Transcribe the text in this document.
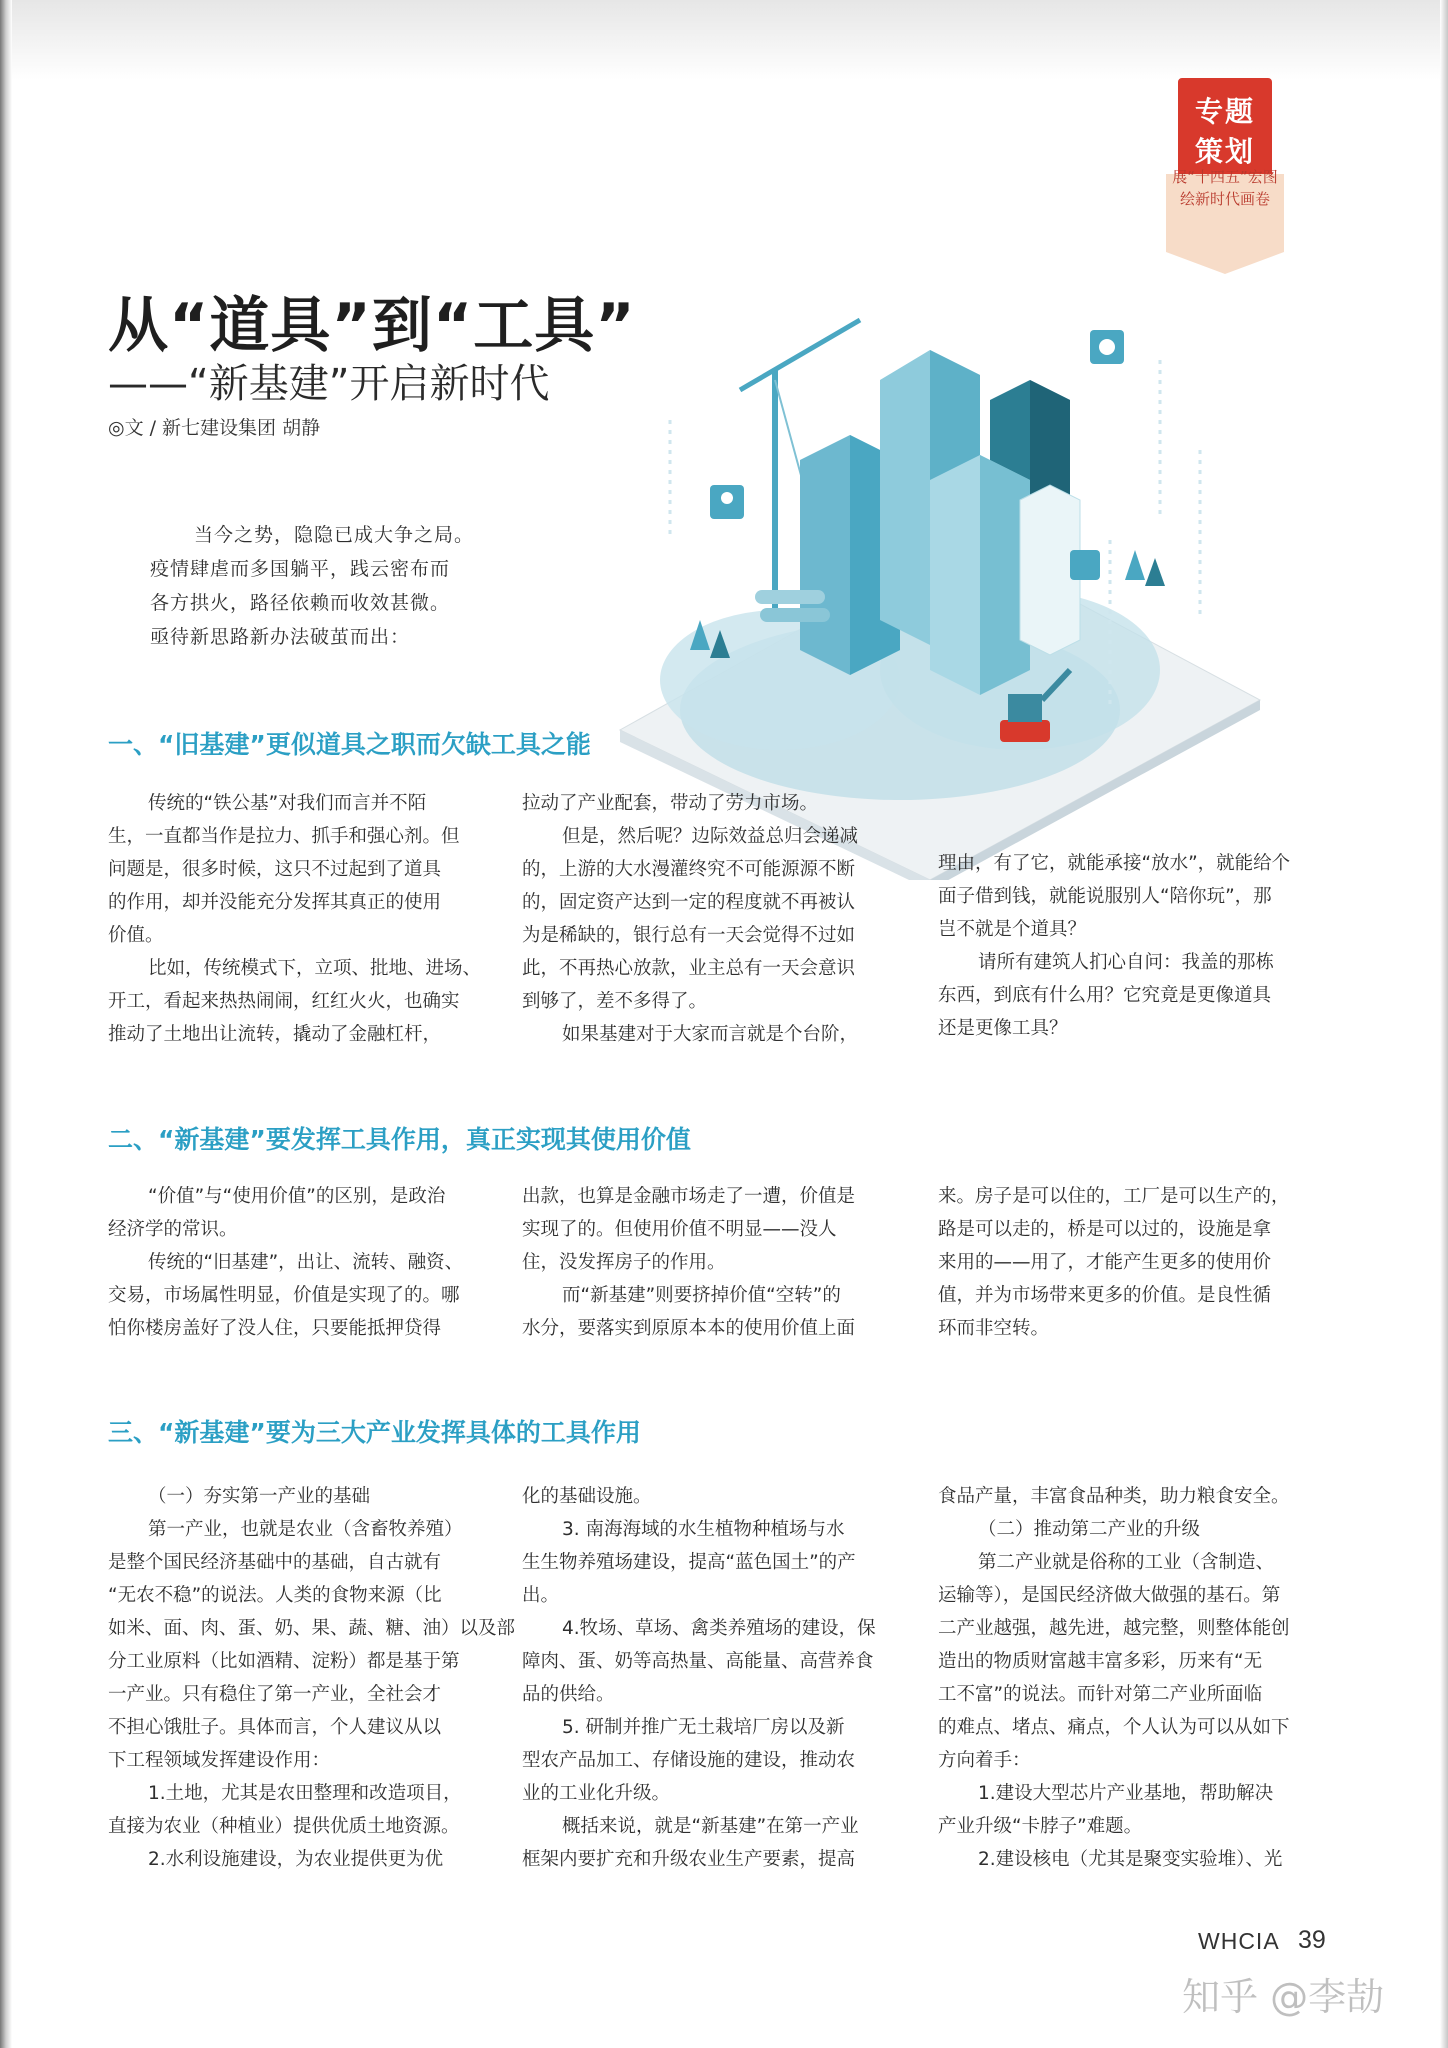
专题
策划
展“十四五”宏图
绘新时代画卷
从“道具”到“工具”
——“新基建”开启新时代

◎文 / 新七建设集团 胡静

当今之势，隐隐已成大争之局。

疫情肆虐而多国躺平，践云密布而

各方拱火，路径依赖而收效甚微。

亟待新思路新办法破茧而出：

一、“旧基建”更似道具之职而欠缺工具之能

传统的“铁公基”对我们而言并不陌

生，一直都当作是拉力、抓手和强心剂。但

问题是，很多时候，这只不过起到了道具

的作用，却并没能充分发挥其真正的使用

价值。

比如，传统模式下，立项、批地、进场、

开工，看起来热热闹闹，红红火火，也确实

推动了土地出让流转，撬动了金融杠杆，

拉动了产业配套，带动了劳力市场。

但是，然后呢？边际效益总归会递减

的，上游的大水漫灌终究不可能源源不断

的，固定资产达到一定的程度就不再被认

为是稀缺的，银行总有一天会觉得不过如

此，不再热心放款，业主总有一天会意识

到够了，差不多得了。

如果基建对于大家而言就是个台阶，

理由，有了它，就能承接“放水”，就能给个

面子借到钱，就能说服别人“陪你玩”，那

岂不就是个道具？

请所有建筑人扪心自问：我盖的那栋

东西，到底有什么用？它究竟是更像道具

还是更像工具？

二、“新基建”要发挥工具作用，真正实现其使用价值

“价值”与“使用价值”的区别，是政治

经济学的常识。

传统的“旧基建”，出让、流转、融资、

交易，市场属性明显，价值是实现了的。哪

怕你楼房盖好了没人住，只要能抵押贷得

出款，也算是金融市场走了一遭，价值是

实现了的。但使用价值不明显——没人

住，没发挥房子的作用。

而“新基建”则要挤掉价值“空转”的

水分，要落实到原原本本的使用价值上面

来。房子是可以住的，工厂是可以生产的，

路是可以走的，桥是可以过的，设施是拿

来用的——用了，才能产生更多的使用价

值，并为市场带来更多的价值。是良性循

环而非空转。

三、“新基建”要为三大产业发挥具体的工具作用

（一）夯实第一产业的基础

第一产业，也就是农业（含畜牧养殖）

是整个国民经济基础中的基础，自古就有

“无农不稳”的说法。人类的食物来源（比

如米、面、肉、蛋、奶、果、蔬、糖、油）以及部

分工业原料（比如酒精、淀粉）都是基于第

一产业。只有稳住了第一产业，全社会才

不担心饿肚子。具体而言，个人建议从以

下工程领域发挥建设作用：

1.土地，尤其是农田整理和改造项目，

直接为农业（种植业）提供优质土地资源。

2.水利设施建设，为农业提供更为优

化的基础设施。

3. 南海海域的水生植物种植场与水

生生物养殖场建设，提高“蓝色国土”的产

出。

4.牧场、草场、禽类养殖场的建设，保

障肉、蛋、奶等高热量、高能量、高营养食

品的供给。

5. 研制并推广无土栽培厂房以及新

型农产品加工、存储设施的建设，推动农

业的工业化升级。

概括来说，就是“新基建”在第一产业

框架内要扩充和升级农业生产要素，提高

食品产量，丰富食品种类，助力粮食安全。

（二）推动第二产业的升级

第二产业就是俗称的工业（含制造、

运输等），是国民经济做大做强的基石。第

二产业越强，越先进，越完整，则整体能创

造出的物质财富越丰富多彩，历来有“无

工不富”的说法。而针对第二产业所面临

的难点、堵点、痛点，个人认为可以从如下

方向着手：

1.建设大型芯片产业基地，帮助解决

产业升级“卡脖子”难题。

2.建设核电（尤其是聚变实验堆）、光

WHCIA 39

知乎 @李劼
